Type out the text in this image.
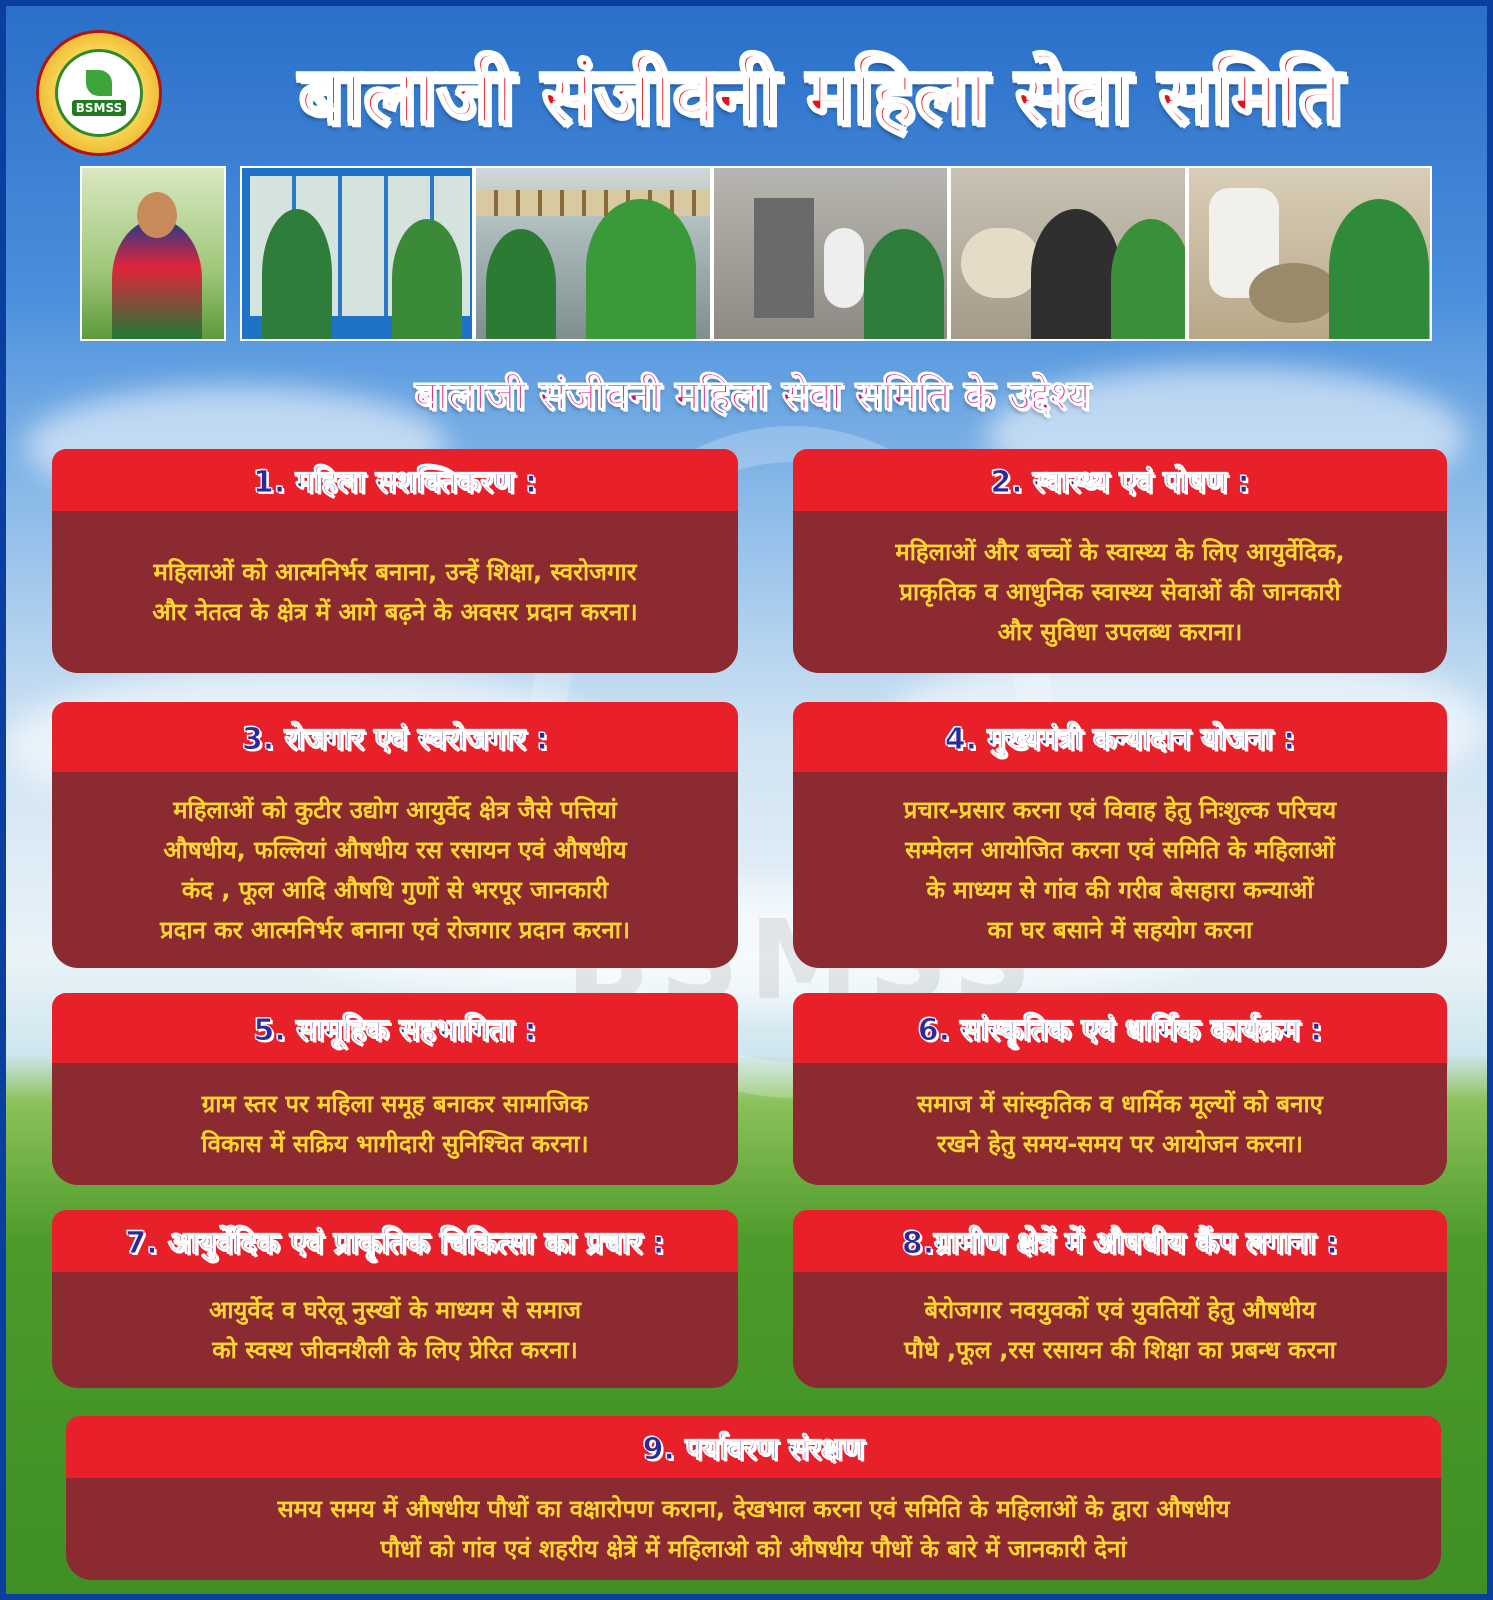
BSMSS	बालाजी संजीवनी महिला सेवा समिति
बालाजी संजीवनी महिला सेवा समिति के उद्देश्य
1. महिला सशक्तिकरण :

महिलाओं को आत्मनिर्भर बनाना, उन्हें शिक्षा, स्वरोजगार
और नेतत्व के क्षेत्र में आगे बढ़ने के अवसर प्रदान करना।

2. स्वास्थ्य एवं पोषण :

महिलाओं और बच्चों के स्वास्थ्य के लिए आयुर्वेदिक,
प्राकृतिक व आधुनिक स्वास्थ्य सेवाओं की जानकारी
और सुविधा उपलब्ध कराना।

3. रोजगार एवं स्वरोजगार :

महिलाओं को कुटीर उद्योग आयुर्वेद क्षेत्र जैसे पत्तियां
औषधीय, फल्लियां औषधीय रस रसायन एवं औषधीय
कंद , फूल आदि औषधि गुणों से भरपूर जानकारी
प्रदान कर आत्मनिर्भर बनाना एवं रोजगार प्रदान करना।

4. मुख्यमंत्री कन्यादान योजना :

प्रचार-प्रसार करना एवं विवाह हेतु निःशुल्क परिचय
सम्मेलन आयोजित करना एवं समिति के महिलाओं
के माध्यम से गांव की गरीब बेसहारा कन्याओं
का घर बसाने में सहयोग करना

5. सामूहिक सहभागिता :

ग्राम स्तर पर महिला समूह बनाकर सामाजिक
विकास में सक्रिय भागीदारी सुनिश्चित करना।

6. सांस्कृतिक एवं धार्मिक कार्यक्रम :

समाज में सांस्कृतिक व धार्मिक मूल्यों को बनाए
रखने हेतु समय-समय पर आयोजन करना।

7. आयुर्वेदिक एवं प्राकृतिक चिकित्सा का प्रचार :

आयुर्वेद व घरेलू नुस्खों के माध्यम से समाज
को स्वस्थ जीवनशैली के लिए प्रेरित करना।

8.ग्रामीण क्षेत्रें में औषधीय कैंप लगाना :

बेरोजगार नवयुवकों एवं युवतियों हेतु औषधीय
पौधे ,फूल ,रस रसायन की शिक्षा का प्रबन्ध करना

9. पर्यावरण संरक्षण

समय समय में औषधीय पौधों का वक्षारोपण कराना, देखभाल करना एवं समिति के महिलाओं के द्वारा औषधीय
पौधों को गांव एवं शहरीय क्षेत्रें में महिलाओ को औषधीय पौधों के बारे में जानकारी देनां
